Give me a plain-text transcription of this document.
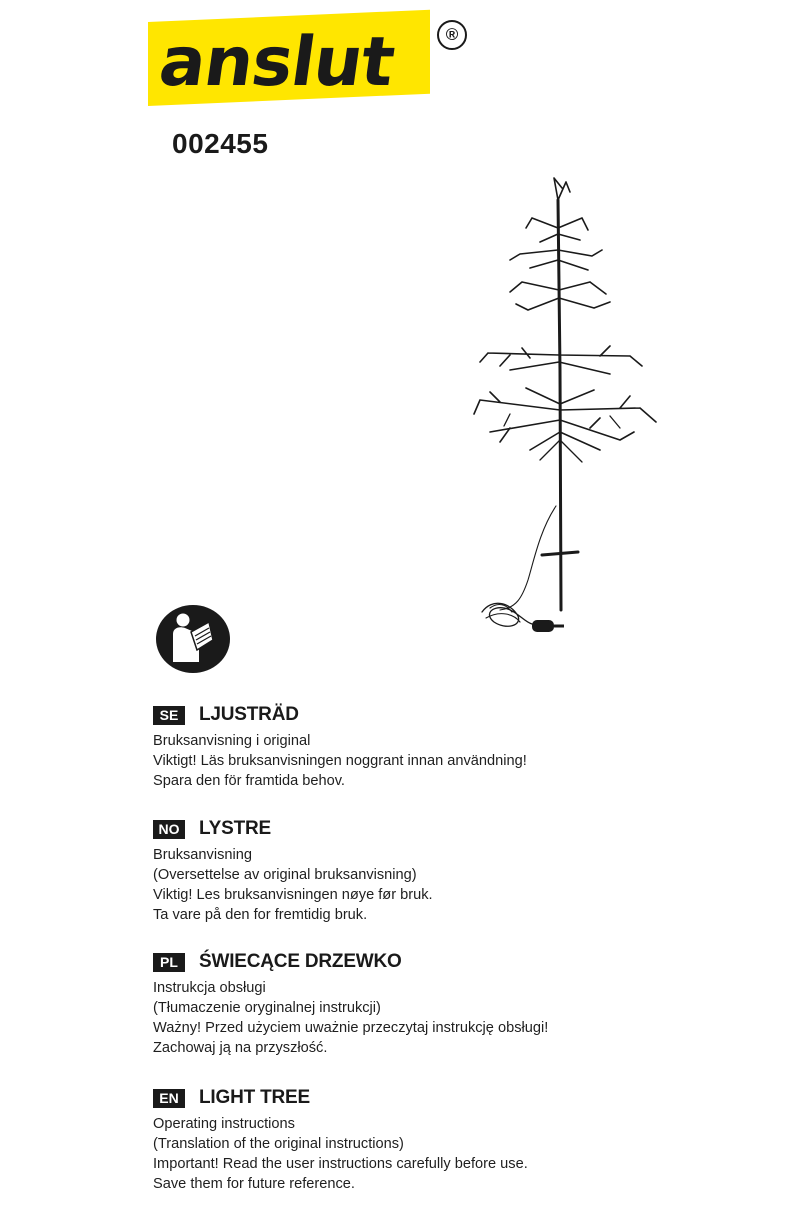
anslut	®
002455
SE	LJUSTRÄD
Bruksanvisning i original
Viktigt! Läs bruksanvisningen noggrant innan användning!
Spara den för framtida behov.
NO LYSTRE
Bruksanvisning
(Oversettelse av original bruksanvisning)
Viktig! Les bruksanvisningen nøye før bruk.
Ta vare på den for fremtidig bruk.
PL	ŚWIECĄCE DRZEWKO
Instrukcja obsługi
(Tłumaczenie oryginalnej instrukcji)
Ważny! Przed użyciem uważnie przeczytaj instrukcję obsługi!
Zachowaj ją na przyszłość.
EN	LIGHT TREE
Operating instructions
(Translation of the original instructions)
Important! Read the user instructions carefully before use.
Save them for future reference.
